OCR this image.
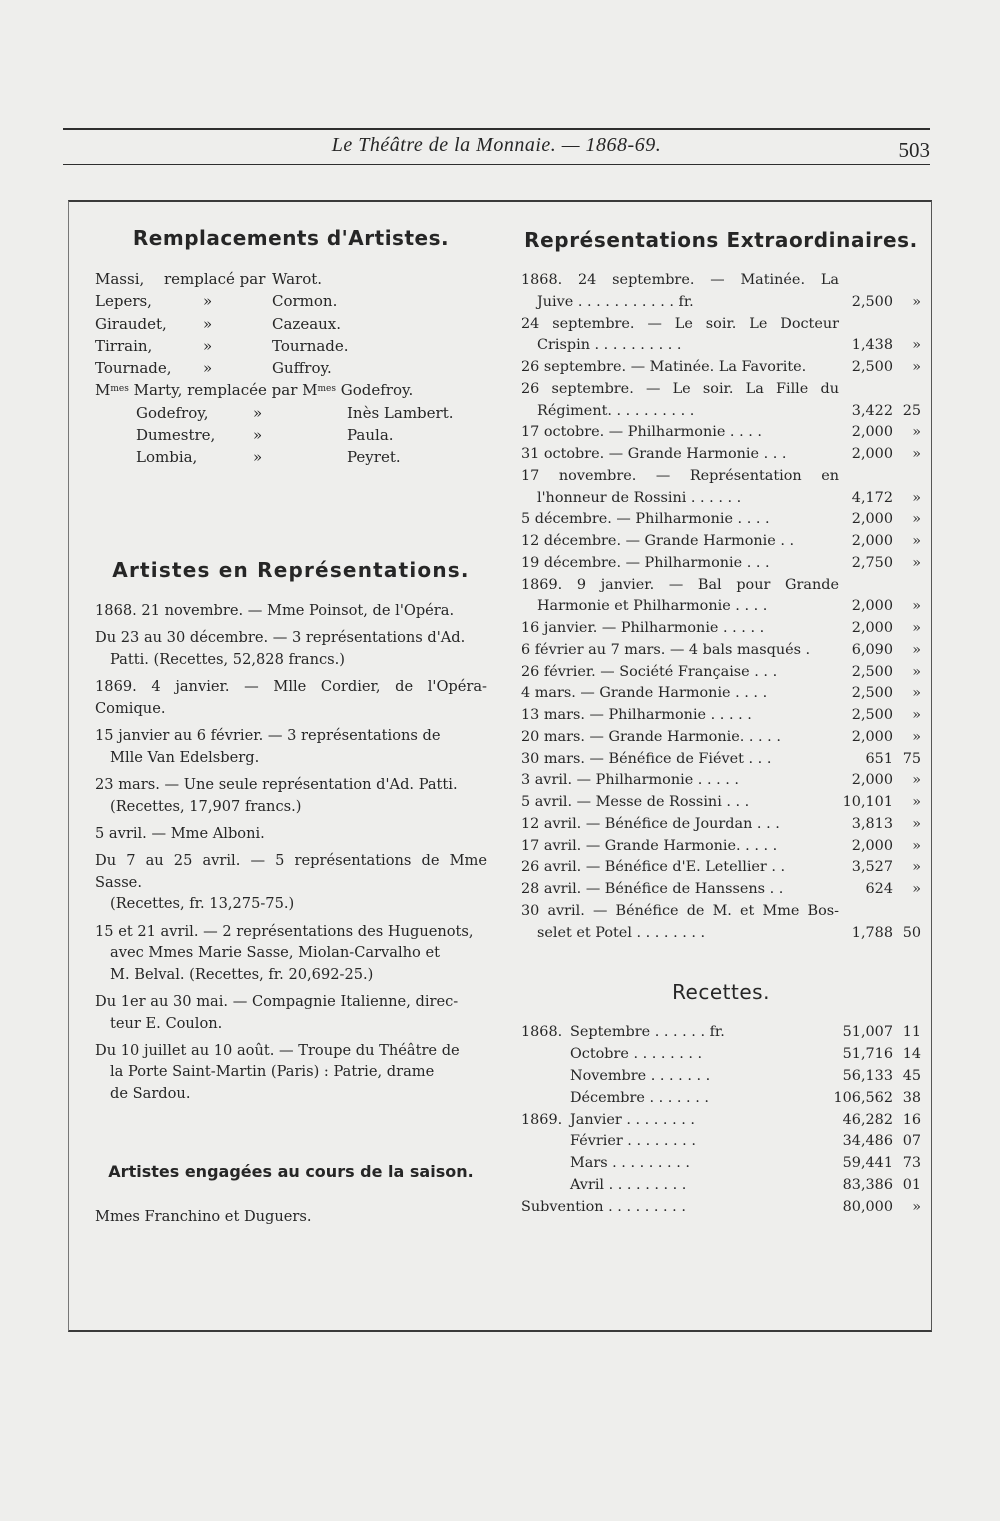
Le Théâtre de la Monnaie. — 1868-69.	503
Remplacements d'Artistes.
Massi, remplacé par Warot.
Lepers,	»	Cormon.
Giraudet, »	Cazeaux.
Tirrain,	»	Tournade.
Tournade, »	Guffroy.
$M^{mes}$ Marty, remplacée par $M^{mes}$ Godefroy.
Godefroy,	»	Inès Lambert.
Dumestre,	»	Paula.
Lombia,	»	Peyret.
Artistes en Représentations.
1868. 21 novembre. — Mme Poinsot, de l'Opéra.
Du 23 au 30 décembre. — 3 représentations d'Ad.
Patti. (Recettes, 52,828 francs.)
1869. 4 janvier. — Mlle Cordier, de l'Opéra-Comique.
15 janvier au 6 février. — 3 représentations de
Mlle Van Edelsberg.
23 mars. — Une seule représentation d'Ad. Patti.
(Recettes, 17,907 francs.)
5 avril. — Mme Alboni.
Du 7 au 25 avril. — 5 représentations de Mme Sasse.
(Recettes, fr. 13,275-75.)
15 et 21 avril. — 2 représentations des Huguenots,
avec Mmes Marie Sasse, Miolan-Carvalho et
M. Belval. (Recettes, fr. 20,692-25.)
Du 1er au 30 mai. — Compagnie Italienne, direc-
teur E. Coulon.
Du 10 juillet au 10 août. — Troupe du Théâtre de
la Porte Saint-Martin (Paris) : Patrie, drame
de Sardou.
Artistes engagées au cours de la saison.
Mmes Franchino et Duguers.
Représentations Extraordinaires.
1868. 24 septembre. — Matinée. La
Juive . . . . . . . . . . . fr.	2,500	»
24 septembre. — Le soir. Le Docteur
Crispin . . . . . . . . . .	1,438	»
26 septembre. — Matinée. La Favorite.	2,500	»
26 septembre. — Le soir. La Fille du
Régiment. . . . . . . . . .	3,422 25
17 octobre. — Philharmonie . . . .	2,000	»
31 octobre. — Grande Harmonie . . .	2,000	»
17 novembre. — Représentation en
l'honneur de Rossini . . . . . .	4,172	»
5 décembre. — Philharmonie . . . .	2,000	»
12 décembre. — Grande Harmonie . .	2,000	»
19 décembre. — Philharmonie . . .	2,750	»
1869. 9 janvier. — Bal pour Grande
Harmonie et Philharmonie . . . .	2,000	»
16 janvier. — Philharmonie . . . . .	2,000	»
6 février au 7 mars. — 4 bals masqués .	6,090	»
26 février. — Société Française . . .	2,500	»
4 mars. — Grande Harmonie . . . .	2,500	»
13 mars. — Philharmonie . . . . .	2,500	»
20 mars. — Grande Harmonie. . . . .	2,000	»
30 mars. — Bénéfice de Fiévet . . .	651 75
3 avril. — Philharmonie . . . . .	2,000	»
5 avril. — Messe de Rossini . . .	10,101	»
12 avril. — Bénéfice de Jourdan . . .	3,813	»
17 avril. — Grande Harmonie. . . . .	2,000	»
26 avril. — Bénéfice d'E. Letellier . .	3,527	»
28 avril. — Bénéfice de Hanssens . .	624	»
30 avril. — Bénéfice de M. et Mme Bos-
selet et Potel . . . . . . . .	1,788 50
Recettes.
1868. Septembre . . . . . . fr.	51,007 11
Octobre . . . . . . . .	51,716 14
Novembre . . . . . . .	56,133 45
Décembre . . . . . . .	106,562 38
1869. Janvier . . . . . . . .	46,282 16
Février . . . . . . . .	34,486 07
Mars . . . . . . . . .	59,441 73
Avril . . . . . . . . .	83,386 01
Subvention . . . . . . . . .	80,000	»
